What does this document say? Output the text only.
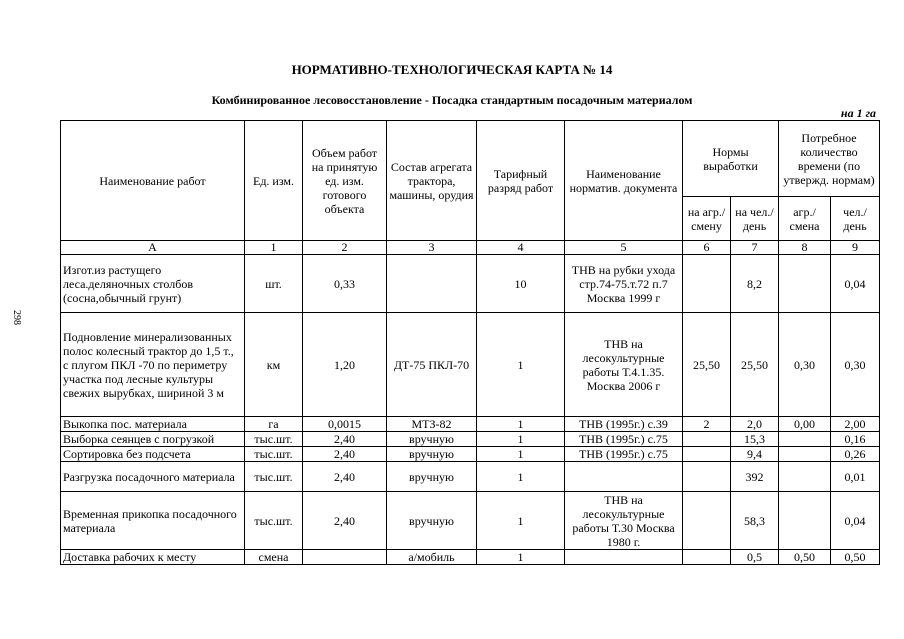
НОРМАТИВНО-ТЕХНОЛОГИЧЕСКАЯ КАРТА № 14
Комбинированное лесовосстановление - Посадка стандартным посадочным материалом
на 1 га
298
Наименование работ	Ед. изм.	Объем работ на принятую ед. изм. готового объекта	Состав агрегата трактора, машины, орудия	Тарифный разряд работ	Наименование норматив. документа	Нормы выработки		Потребное количество времени (по утвержд. нормам)	
						на агр./ смену	на чел./ день	агр./ смена	чел./ день
А	1	2	3	4	5	6	7	8	9
Изгот.из растущего леса.деляночных столбов (сосна,обычный грунт)	шт.	0,33		10	ТНВ на рубки ухода стр.74-75.т.72 п.7 Москва 1999 г		8,2		0,04
Подновление минерализованных полос колесный трактор до 1,5 т., с плугом ПКЛ -70 по периметру участка под лесные культуры свежих вырубках, шириной 3 м	км	1,20	ДТ-75 ПКЛ-70	1	ТНВ на лесокультурные работы Т.4.1.35. Москва 2006 г	25,50	25,50	0,30	0,30
Выкопка пос. материала	га	0,0015	МТЗ-82	1	ТНВ (1995г.) с.39	2	2,0	0,00	2,00
Выборка сеянцев с погрузкой	тыс.шт.	2,40	вручную	1	ТНВ (1995г.) с.75		15,3		0,16
Сортировка без подсчета	тыс.шт.	2,40	вручную	1	ТНВ (1995г.) с.75		9,4		0,26
Разгрузка посадочного материала	тыс.шт.	2,40	вручную	1			392		0,01
Временная прикопка посадочного материала	тыс.шт.	2,40	вручную	1	ТНВ на лесокультурные работы Т.30 Москва 1980 г.		58,3		0,04
Доставка рабочих к месту	смена		а/мобиль	1			0,5	0,50	0,50
